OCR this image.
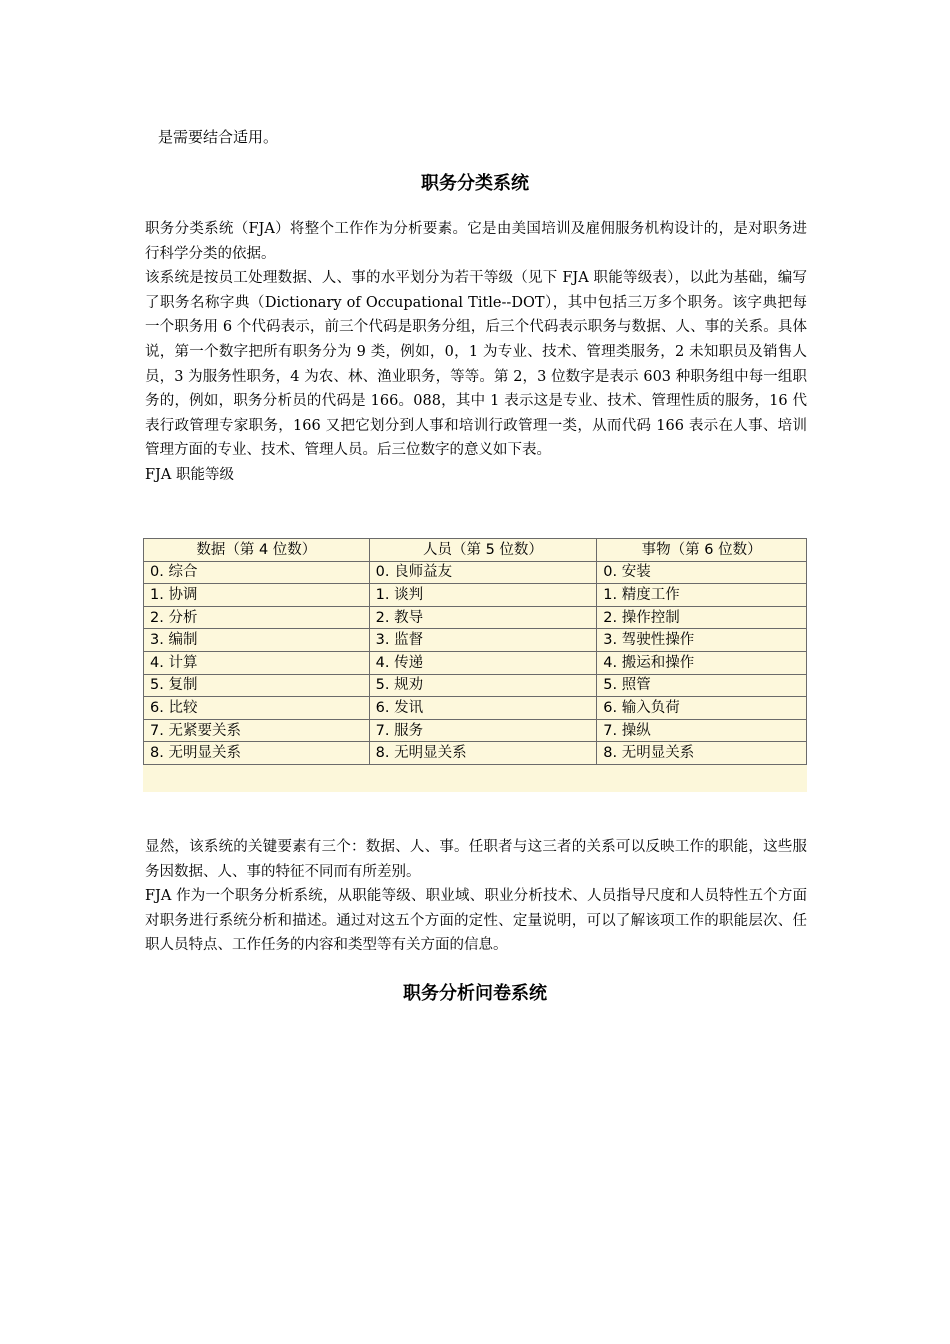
是需要结合适用。
职务分类系统

职务分类系统（FJA）将整个工作作为分析要素。它是由美国培训及雇佣服务机构设计的，是对职务进行科学分类的依据。

该系统是按员工处理数据、人、事的水平划分为若干等级（见下 FJA 职能等级表），以此为基础，编写了职务名称字典（Dictionary of Occupational Title--DOT），其中包括三万多个职务。该字典把每一个职务用 6 个代码表示，前三个代码是职务分组，后三个代码表示职务与数据、人、事的关系。具体说，第一个数字把所有职务分为 9 类，例如，0，1 为专业、技术、管理类服务，2 未知职员及销售人员，3 为服务性职务，4 为农、林、渔业职务，等等。第 2，3 位数字是表示 603 种职务组中每一组职务的，例如，职务分析员的代码是 166。088，其中 1 表示这是专业、技术、管理性质的服务，16 代表行政管理专家职务，166 又把它划分到人事和培训行政管理一类，从而代码 166 表示在人事、培训管理方面的专业、技术、管理人员。后三位数字的意义如下表。

FJA 职能等级

数据（第 4 位数）	人员（第 5 位数）	事物（第 6 位数）
0. 综合	0. 良师益友	0. 安装
1. 协调	1. 谈判	1. 精度工作
2. 分析	2. 教导	2. 操作控制
3. 编制	3. 监督	3. 驾驶性操作
4. 计算	4. 传递	4. 搬运和操作
5. 复制	5. 规劝	5. 照管
6. 比较	6. 发讯	6. 输入负荷
7. 无紧要关系	7. 服务	7. 操纵
8. 无明显关系	8. 无明显关系	8. 无明显关系

显然，该系统的关键要素有三个：数据、人、事。任职者与这三者的关系可以反映工作的职能，这些服务因数据、人、事的特征不同而有所差别。

FJA 作为一个职务分析系统，从职能等级、职业域、职业分析技术、人员指导尺度和人员特性五个方面对职务进行系统分析和描述。通过对这五个方面的定性、定量说明，可以了解该项工作的职能层次、任职人员特点、工作任务的内容和类型等有关方面的信息。

职务分析问卷系统
